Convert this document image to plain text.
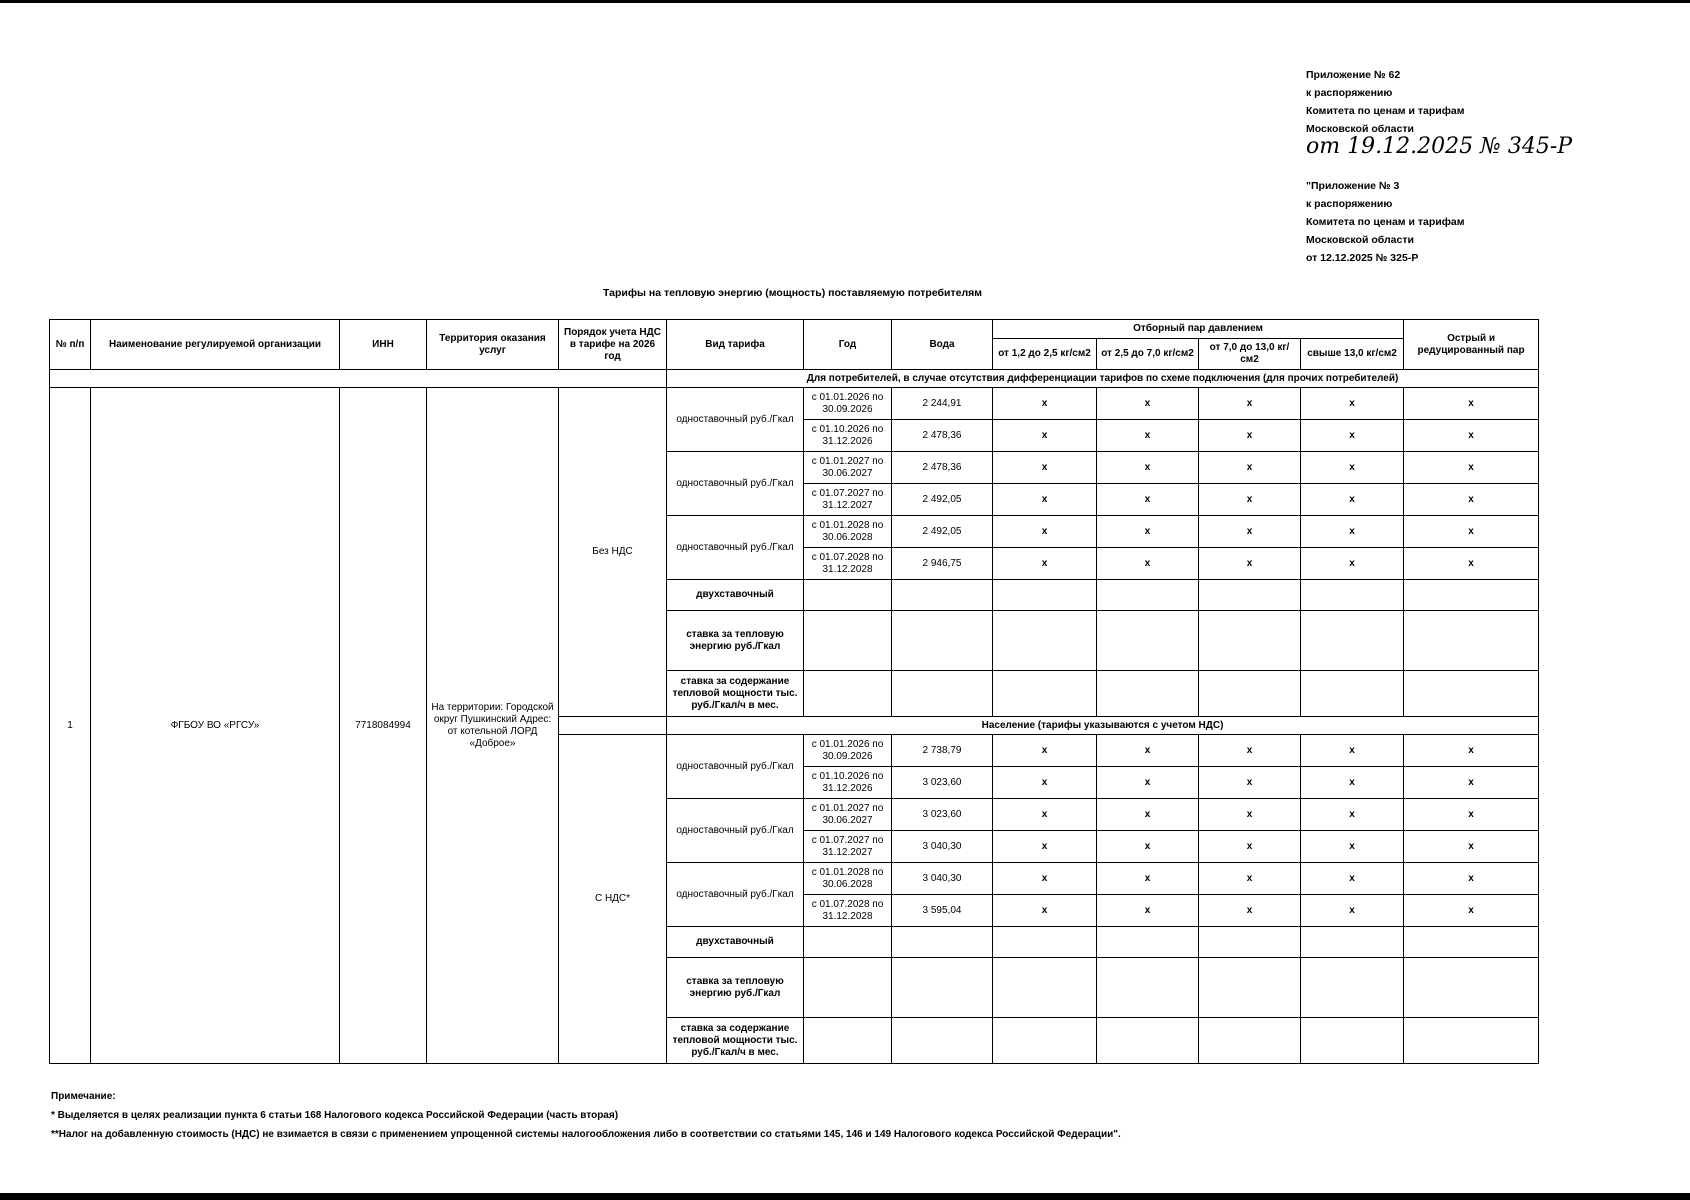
Приложение № 62
к распоряжению
Комитета по ценам и тарифам
Московской области
от 19.12.2025 № 345-Р
"Приложение № 3
к распоряжению
Комитета по ценам и тарифам
Московской области
от 12.12.2025 № 325-Р
Тарифы на тепловую энергию (мощность) поставляемую потребителям
№ п/п	Наименование регулируемой организации	ИНН	Территория оказания услуг	Порядок учета НДС в тарифе на 2026 год	Вид тарифа	Год	Вода	Отборный пар давлением				Острый и редуцированный пар
								от 1,2 до 2,5 кг/см2	от 2,5 до 7,0 кг/см2	от 7,0 до 13,0 кг/см2	свыше 13,0 кг/см2	
					Для потребителей, в случае отсутствия дифференциации тарифов по схеме подключения (для прочих потребителей)							
1	ФГБОУ ВО «РГСУ»	7718084994	На территории: Городской округ Пушкинский Адрес: от котельной ЛОРД «Доброе»	Без НДС	одноставочный руб./Гкал	с 01.01.2026 по 30.09.2026	2 244,91	x	x	x	x	x
						с 01.10.2026 по 31.12.2026	2 478,36	x	x	x	x	x
					одноставочный руб./Гкал	с 01.01.2027 по 30.06.2027	2 478,36	x	x	x	x	x
						с 01.07.2027 по 31.12.2027	2 492,05	x	x	x	x	x
					одноставочный руб./Гкал	с 01.01.2028 по 30.06.2028	2 492,05	x	x	x	x	x
						с 01.07.2028 по 31.12.2028	2 946,75	x	x	x	x	x
					двухставочный							
					ставка за тепловую энергию руб./Гкал							
					ставка за содержание тепловой мощности тыс. руб./Гкал/ч в мес.							
					Население (тарифы указываются с учетом НДС)							
				С НДС*	одноставочный руб./Гкал	с 01.01.2026 по 30.09.2026	2 738,79	x	x	x	x	x
						с 01.10.2026 по 31.12.2026	3 023,60	x	x	x	x	x
					одноставочный руб./Гкал	с 01.01.2027 по 30.06.2027	3 023,60	x	x	x	x	x
						с 01.07.2027 по 31.12.2027	3 040,30	x	x	x	x	x
					одноставочный руб./Гкал	с 01.01.2028 по 30.06.2028	3 040,30	x	x	x	x	x
						с 01.07.2028 по 31.12.2028	3 595,04	x	x	x	x	x
					двухставочный							
					ставка за тепловую энергию руб./Гкал							
					ставка за содержание тепловой мощности тыс. руб./Гкал/ч в мес.							
Примечание:
* Выделяется в целях реализации пункта 6 статьи 168 Налогового кодекса Российской Федерации (часть вторая)
**Налог на добавленную стоимость (НДС) не взимается в связи с применением упрощенной системы налогообложения либо в соответствии со статьями 145, 146 и 149 Налогового кодекса Российской Федерации".
